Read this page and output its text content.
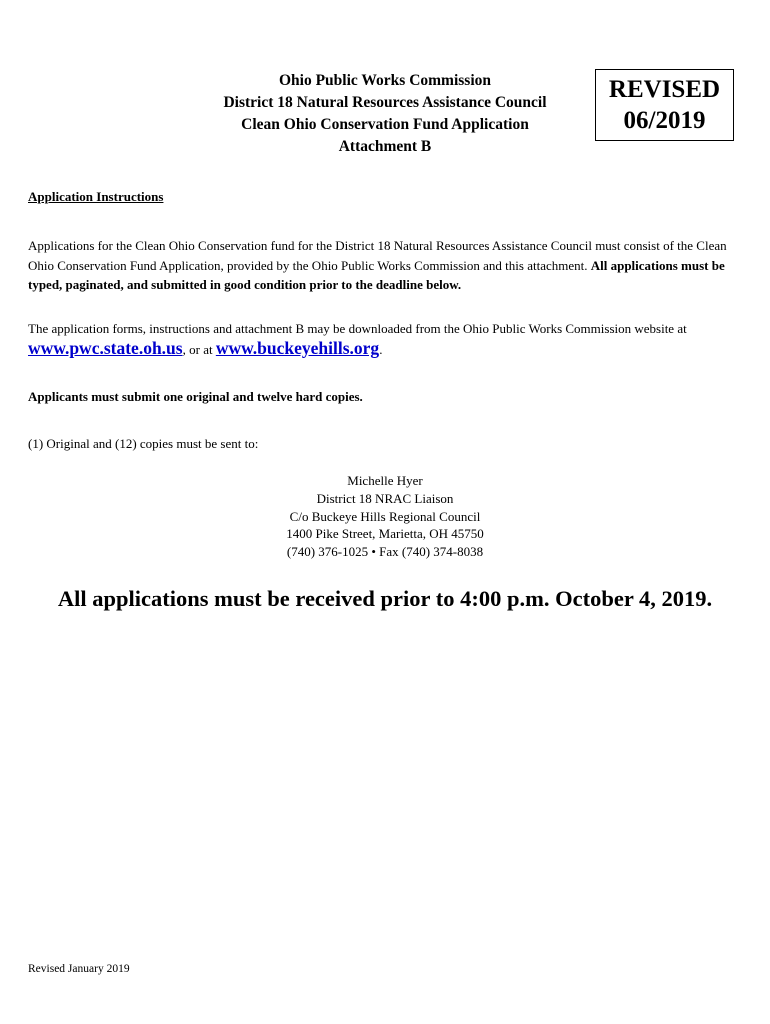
Ohio Public Works Commission
District 18 Natural Resources Assistance Council
Clean Ohio Conservation Fund Application
Attachment B
REVISED
06/2019
Application Instructions
Applications for the Clean Ohio Conservation fund for the District 18 Natural Resources Assistance Council must consist of the Clean Ohio Conservation Fund Application, provided by the Ohio Public Works Commission and this attachment. All applications must be typed, paginated, and submitted in good condition prior to the deadline below.
The application forms, instructions and attachment B may be downloaded from the Ohio Public Works Commission website at www.pwc.state.oh.us, or at www.buckeyehills.org.
Applicants must submit one original and twelve hard copies.
(1) Original and (12) copies must be sent to:
Michelle Hyer
District 18 NRAC Liaison
C/o Buckeye Hills Regional Council
1400 Pike Street, Marietta, OH 45750
(740) 376-1025 • Fax (740) 374-8038
All applications must be received prior to 4:00 p.m. October 4, 2019.
Revised January 2019
